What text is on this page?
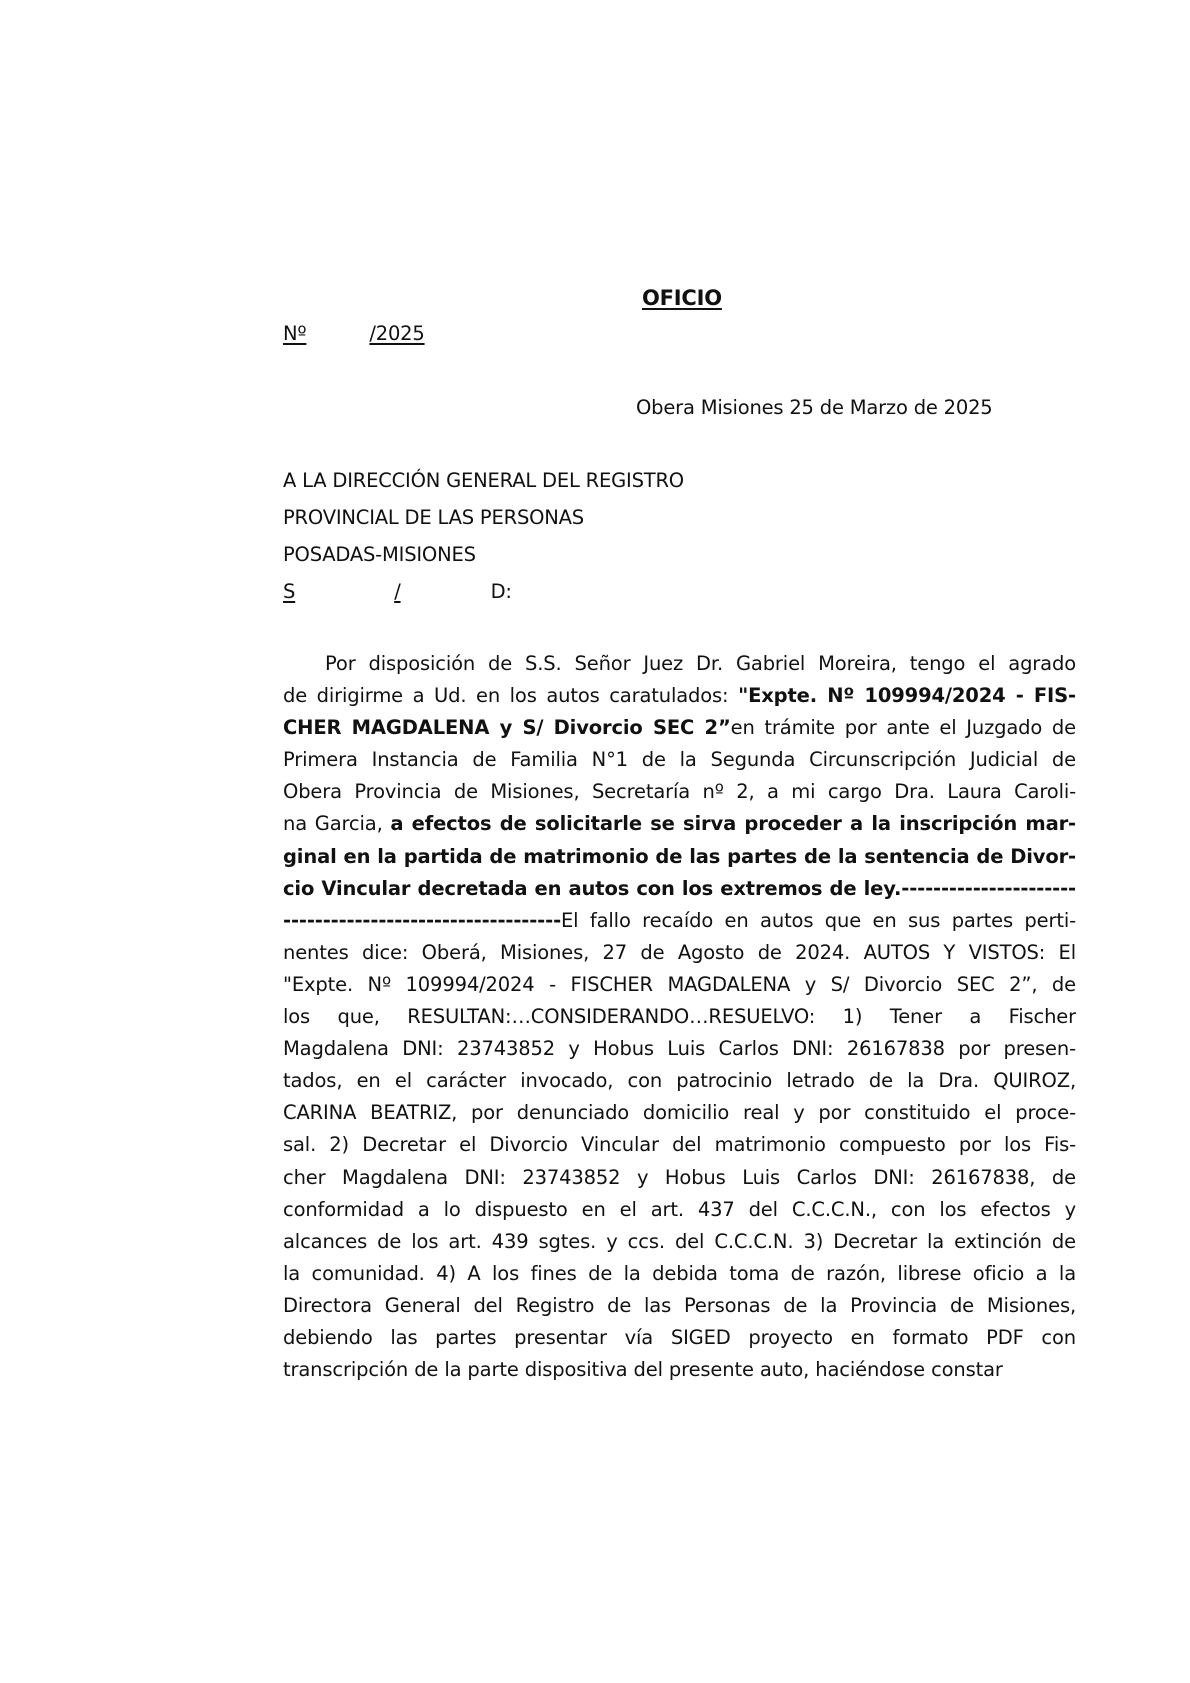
OFICIO
Nº	/2025
Obera Misiones 25 de Marzo de 2025
A LA DIRECCIÓN GENERAL DEL REGISTRO
PROVINCIAL DE LAS PERSONAS
POSADAS-MISIONES
S	/	D:
Por disposición de S.S. Señor Juez Dr. Gabriel Moreira, tengo el agrado
de dirigirme a Ud. en los autos caratulados: "Expte. Nº 109994/2024 - FIS-
CHER MAGDALENA y S/ Divorcio SEC 2”en trámite por ante el Juzgado de
Primera Instancia de Familia N°1 de la Segunda Circunscripción Judicial de
Obera Provincia de Misiones, Secretaría nº 2, a mi cargo Dra. Laura Caroli-
na Garcia, a efectos de solicitarle se sirva proceder a la inscripción mar-
ginal en la partida de matrimonio de las partes de la sentencia de Divor-
cio Vincular decretada en autos con los extremos de ley.----------------------
-----------------------------------El fallo recaído en autos que en sus partes perti-
nentes dice: Oberá, Misiones, 27 de Agosto de 2024. AUTOS Y VISTOS: El
"Expte. Nº 109994/2024 - FISCHER MAGDALENA y S/ Divorcio SEC 2”, de
los que, RESULTAN:…CONSIDERANDO…RESUELVO: 1) Tener a Fischer
Magdalena DNI: 23743852 y Hobus Luis Carlos DNI: 26167838 por presen-
tados, en el carácter invocado, con patrocinio letrado de la Dra. QUIROZ,
CARINA BEATRIZ, por denunciado domicilio real y por constituido el proce-
sal. 2) Decretar el Divorcio Vincular del matrimonio compuesto por los Fis-
cher Magdalena DNI: 23743852 y Hobus Luis Carlos DNI: 26167838, de
conformidad a lo dispuesto en el art. 437 del C.C.C.N., con los efectos y
alcances de los art. 439 sgtes. y ccs. del C.C.C.N. 3) Decretar la extinción de
la comunidad. 4) A los fines de la debida toma de razón, librese oficio a la
Directora General del Registro de las Personas de la Provincia de Misiones,
debiendo las partes presentar vía SIGED proyecto en formato PDF con
transcripción de la parte dispositiva del presente auto, haciéndose constar
